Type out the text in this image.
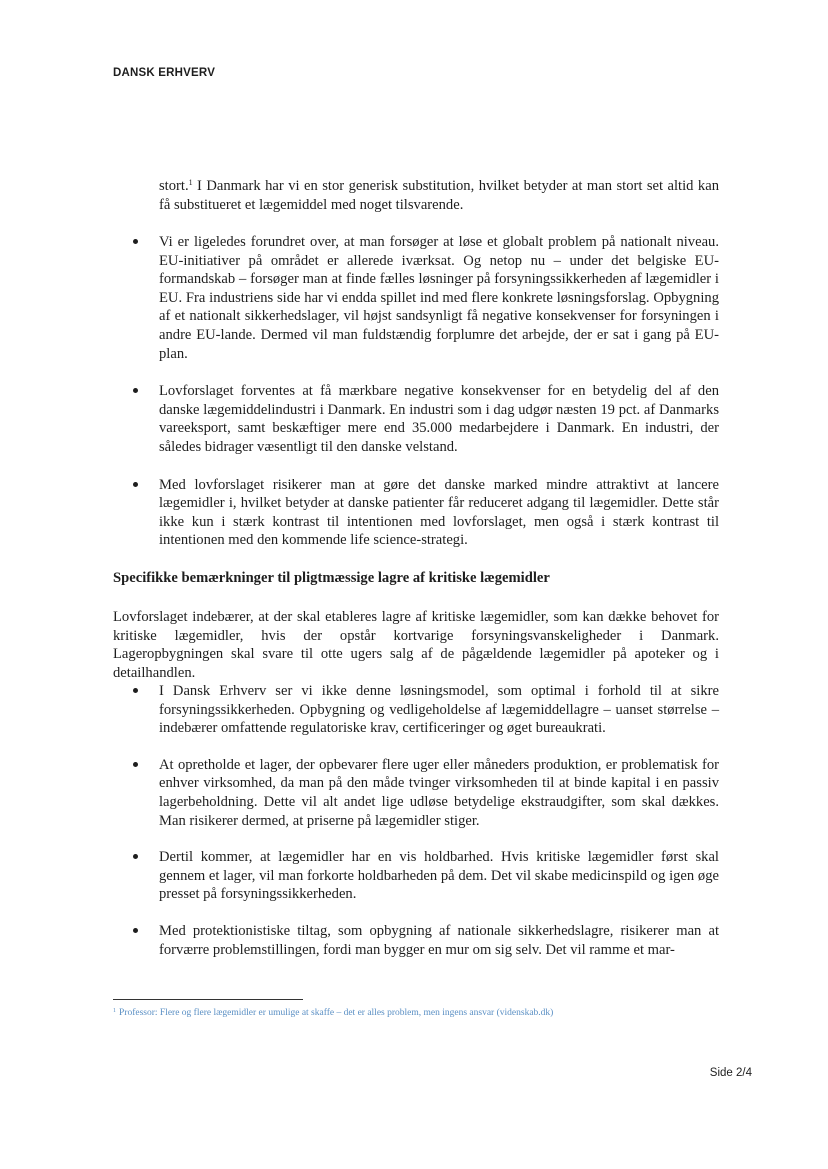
DANSK ERHVERV
stort.$^1$ I Danmark har vi en stor generisk substitution, hvilket betyder at man stort set altid kan få substitueret et lægemiddel med noget tilsvarende.
Vi er ligeledes forundret over, at man forsøger at løse et globalt problem på nationalt niveau. EU-initiativer på området er allerede iværksat. Og netop nu – under det belgiske EU-formandskab – forsøger man at finde fælles løsninger på forsyningssikkerheden af lægemidler i EU. Fra industriens side har vi endda spillet ind med flere konkrete løsningsforslag. Opbygning af et nationalt sikkerhedslager, vil højst sandsynligt få negative konsekvenser for forsyningen i andre EU-lande. Dermed vil man fuldstændig forplumre det arbejde, der er sat i gang på EU-plan.
Lovforslaget forventes at få mærkbare negative konsekvenser for en betydelig del af den danske lægemiddelindustri i Danmark. En industri som i dag udgør næsten 19 pct. af Danmarks vareeksport, samt beskæftiger mere end 35.000 medarbejdere i Danmark. En industri, der således bidrager væsentligt til den danske velstand.
Med lovforslaget risikerer man at gøre det danske marked mindre attraktivt at lancere lægemidler i, hvilket betyder at danske patienter får reduceret adgang til lægemidler. Dette står ikke kun i stærk kontrast til intentionen med lovforslaget, men også i stærk kontrast til intentionen med den kommende life science-strategi.
Specifikke bemærkninger til pligtmæssige lagre af kritiske lægemidler
Lovforslaget indebærer, at der skal etableres lagre af kritiske lægemidler, som kan dække behovet for kritiske lægemidler, hvis der opstår kortvarige forsyningsvanskeligheder i Danmark. Lageropbygningen skal svare til otte ugers salg af de pågældende lægemidler på apoteker og i detailhandlen.
I Dansk Erhverv ser vi ikke denne løsningsmodel, som optimal i forhold til at sikre forsyningssikkerheden. Opbygning og vedligeholdelse af lægemiddellagre – uanset størrelse – indebærer omfattende regulatoriske krav, certificeringer og øget bureaukrati.
At opretholde et lager, der opbevarer flere uger eller måneders produktion, er problematisk for enhver virksomhed, da man på den måde tvinger virksomheden til at binde kapital i en passiv lagerbeholdning. Dette vil alt andet lige udløse betydelige ekstraudgifter, som skal dækkes. Man risikerer dermed, at priserne på lægemidler stiger.
Dertil kommer, at lægemidler har en vis holdbarhed. Hvis kritiske lægemidler først skal gennem et lager, vil man forkorte holdbarheden på dem. Det vil skabe medicinspild og igen øge presset på forsyningssikkerheden.
Med protektionistiske tiltag, som opbygning af nationale sikkerhedslagre, risikerer man at forværre problemstillingen, fordi man bygger en mur om sig selv. Det vil ramme et mar-
$^1$ Professor: Flere og flere lægemidler er umulige at skaffe – det er alles problem, men ingens ansvar (videnskab.dk)
Side 2/4
